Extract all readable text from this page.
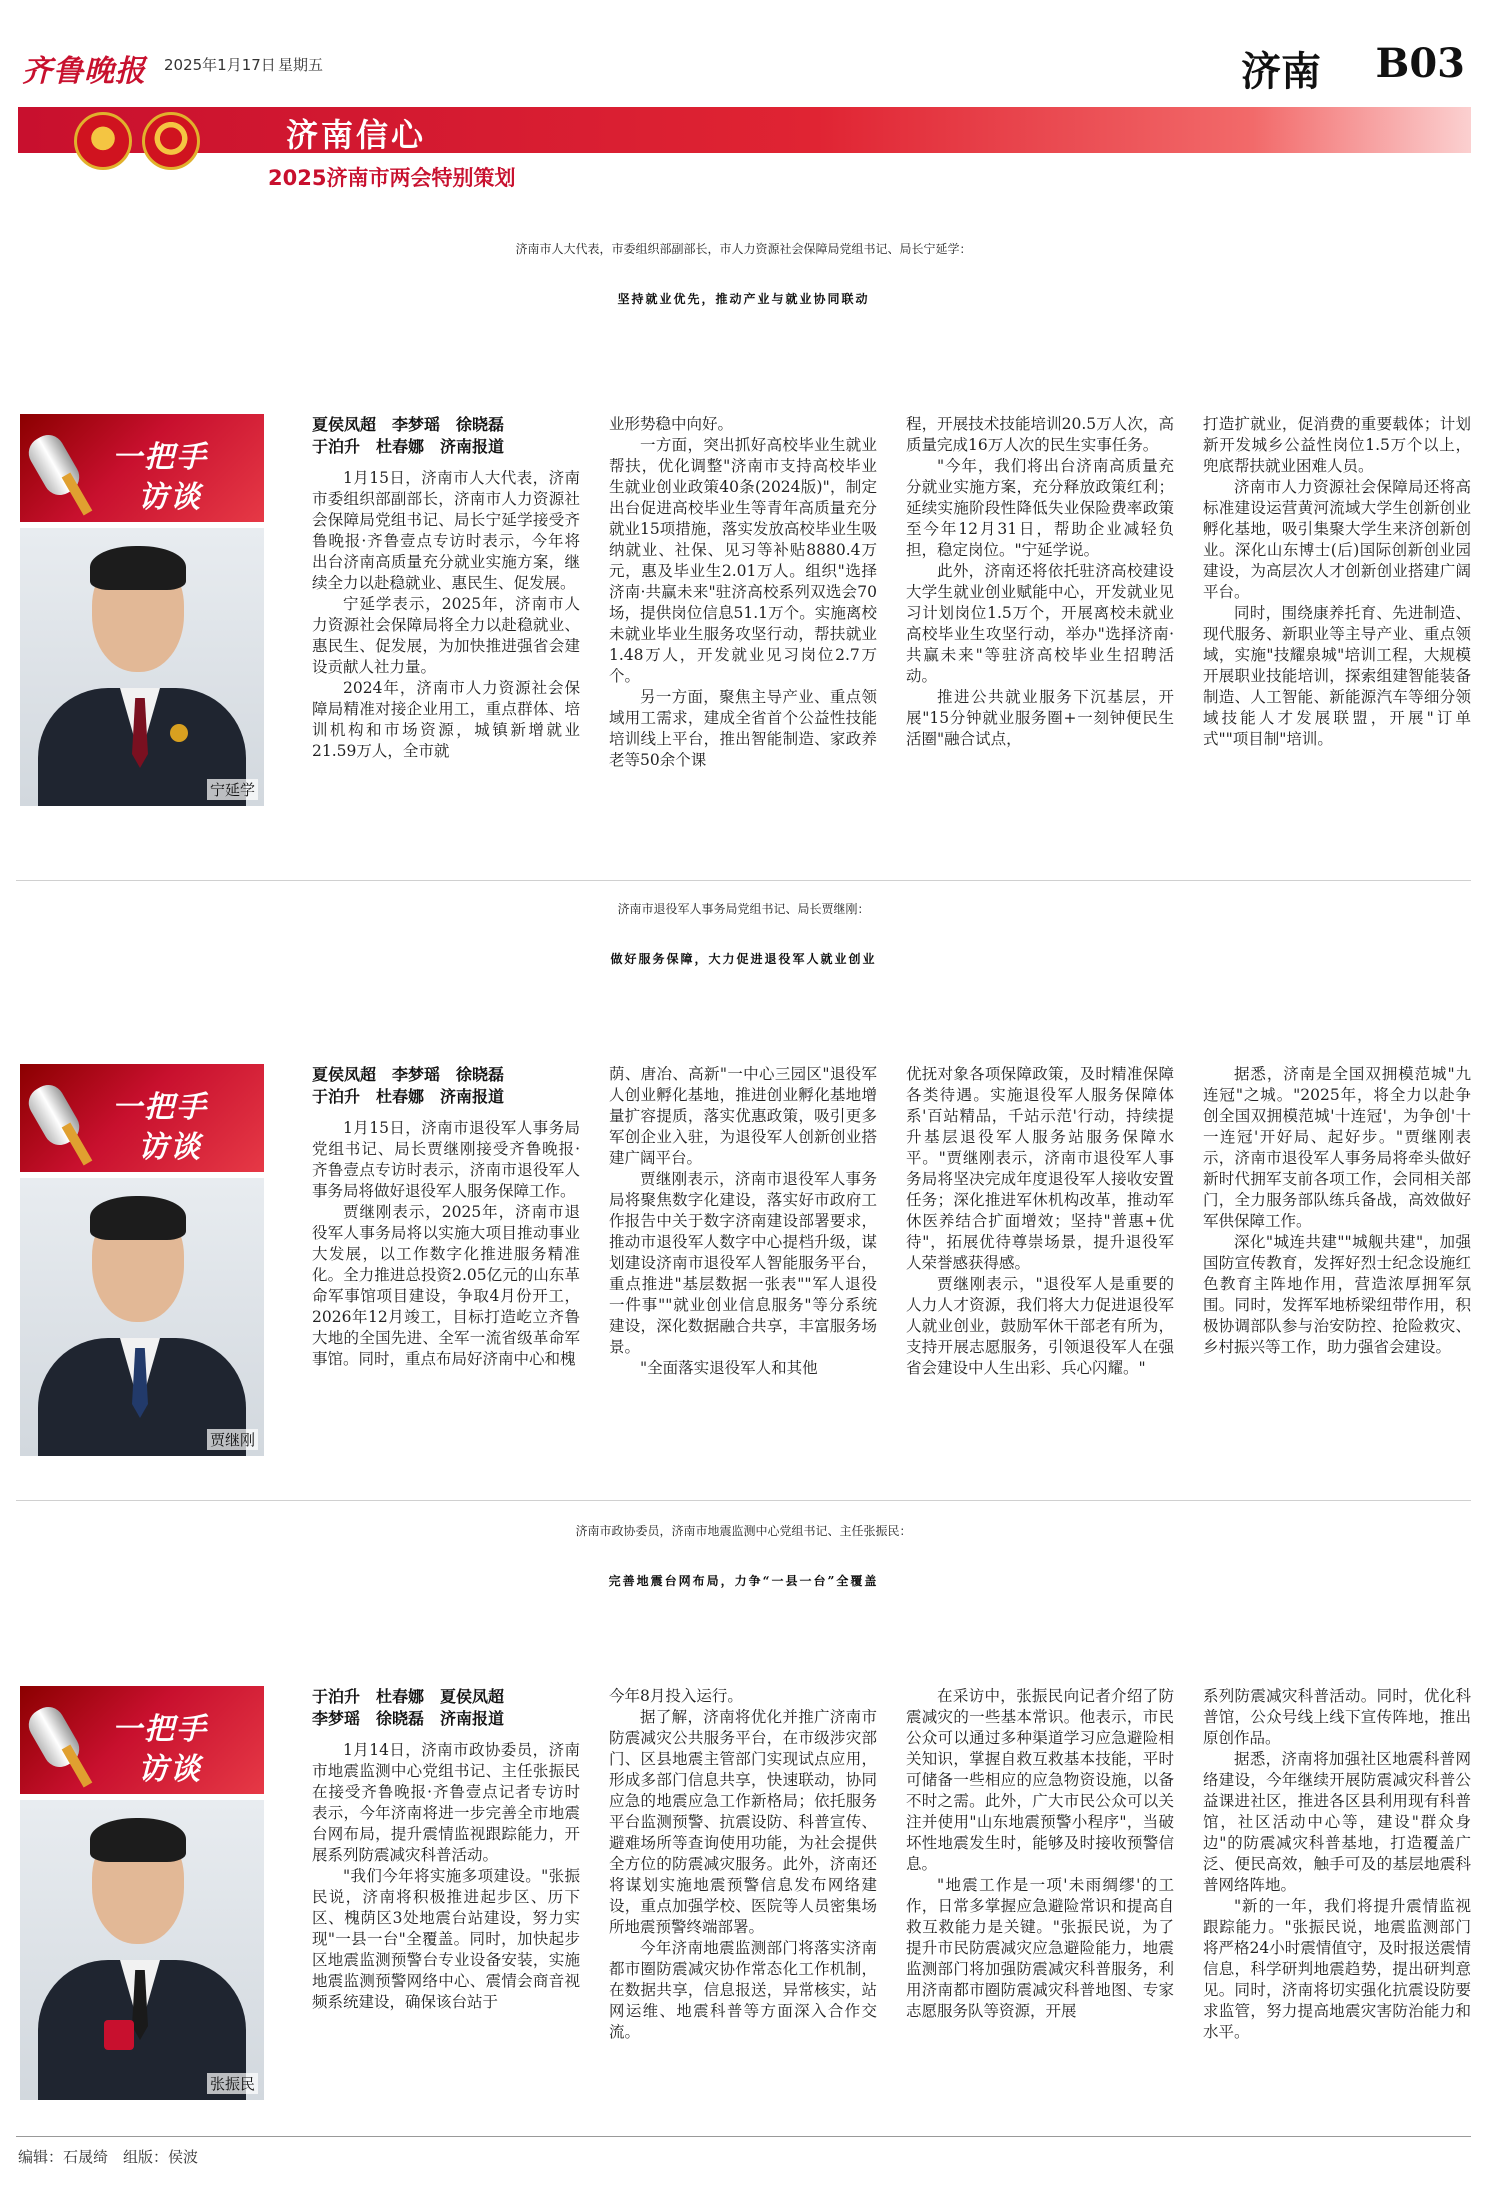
齐鲁晚报 2025年1月17日 星期五	济南 B03
济南信心
2025济南市两会特别策划
济南市人大代表，市委组织部副部长，市人力资源社会保障局党组书记、局长宁延学：
坚持就业优先，推动产业与就业协同联动
一把手
访谈
宁延学
夏侯凤超　李梦瑶　徐晓磊
于泊升　杜春娜　济南报道

1月15日，济南市人大代表，济南市委组织部副部长，济南市人力资源社会保障局党组书记、局长宁延学接受齐鲁晚报·齐鲁壹点专访时表示，今年将出台济南高质量充分就业实施方案，继续全力以赴稳就业、惠民生、促发展。

宁延学表示，2025年，济南市人力资源社会保障局将全力以赴稳就业、惠民生、促发展，为加快推进强省会建设贡献人社力量。

2024年，济南市人力资源社会保障局精准对接企业用工，重点群体、培训机构和市场资源，城镇新增就业21.59万人，全市就

业形势稳中向好。

一方面，突出抓好高校毕业生就业帮扶，优化调整"济南市支持高校毕业生就业创业政策40条(2024版)"，制定出台促进高校毕业生等青年高质量充分就业15项措施，落实发放高校毕业生吸纳就业、社保、见习等补贴8880.4万元，惠及毕业生2.01万人。组织"选择济南·共赢未来"驻济高校系列双选会70场，提供岗位信息51.1万个。实施离校未就业毕业生服务攻坚行动，帮扶就业1.48万人，开发就业见习岗位2.7万个。

另一方面，聚焦主导产业、重点领域用工需求，建成全省首个公益性技能培训线上平台，推出智能制造、家政养老等50余个课

程，开展技术技能培训20.5万人次，高质量完成16万人次的民生实事任务。

"今年，我们将出台济南高质量充分就业实施方案，充分释放政策红利；延续实施阶段性降低失业保险费率政策至今年12月31日，帮助企业减轻负担，稳定岗位。"宁延学说。

此外，济南还将依托驻济高校建设大学生就业创业赋能中心，开发就业见习计划岗位1.5万个，开展离校未就业高校毕业生攻坚行动，举办"选择济南·共赢未来"等驻济高校毕业生招聘活动。

推进公共就业服务下沉基层，开展"15分钟就业服务圈+一刻钟便民生活圈"融合试点，

打造扩就业，促消费的重要载体；计划新开发城乡公益性岗位1.5万个以上，兜底帮扶就业困难人员。

济南市人力资源社会保障局还将高标准建设运营黄河流域大学生创新创业孵化基地，吸引集聚大学生来济创新创业。深化山东博士(后)国际创新创业园建设，为高层次人才创新创业搭建广阔平台。

同时，围绕康养托育、先进制造、现代服务、新职业等主导产业、重点领域，实施"技耀泉城"培训工程，大规模开展职业技能培训，探索组建智能装备制造、人工智能、新能源汽车等细分领域技能人才发展联盟，开展"订单式""项目制"培训。

济南市退役军人事务局党组书记、局长贾继刚：
做好服务保障，大力促进退役军人就业创业
一把手
访谈
贾继刚
夏侯凤超　李梦瑶　徐晓磊
于泊升　杜春娜　济南报道

1月15日，济南市退役军人事务局党组书记、局长贾继刚接受齐鲁晚报·齐鲁壹点专访时表示，济南市退役军人事务局将做好退役军人服务保障工作。

贾继刚表示，2025年，济南市退役军人事务局将以实施大项目推动事业大发展，以工作数字化推进服务精准化。全力推进总投资2.05亿元的山东革命军事馆项目建设，争取4月份开工，2026年12月竣工，目标打造屹立齐鲁大地的全国先进、全军一流省级革命军事馆。同时，重点布局好济南中心和槐

荫、唐冶、高新"一中心三园区"退役军人创业孵化基地，推进创业孵化基地增量扩容提质，落实优惠政策，吸引更多军创企业入驻，为退役军人创新创业搭建广阔平台。

贾继刚表示，济南市退役军人事务局将聚焦数字化建设，落实好市政府工作报告中关于数字济南建设部署要求，推动市退役军人数字中心提档升级，谋划建设济南市退役军人智能服务平台，重点推进"基层数据一张表""军人退役一件事""就业创业信息服务"等分系统建设，深化数据融合共享，丰富服务场景。

"全面落实退役军人和其他

优抚对象各项保障政策，及时精准保障各类待遇。实施退役军人服务保障体系'百站精品，千站示范'行动，持续提升基层退役军人服务站服务保障水平。"贾继刚表示，济南市退役军人事务局将坚决完成年度退役军人接收安置任务；深化推进军休机构改革，推动军休医养结合扩面增效；坚持"普惠+优待"，拓展优待尊崇场景，提升退役军人荣誉感获得感。

贾继刚表示，"退役军人是重要的人力人才资源，我们将大力促进退役军人就业创业，鼓励军休干部老有所为，支持开展志愿服务，引领退役军人在强省会建设中人生出彩、兵心闪耀。"

据悉，济南是全国双拥模范城"九连冠"之城。"2025年，将全力以赴争创全国双拥模范城'十连冠'，为争创'十一连冠'开好局、起好步。"贾继刚表示，济南市退役军人事务局将牵头做好新时代拥军支前各项工作，会同相关部门，全力服务部队练兵备战，高效做好军供保障工作。

深化"城连共建""城舰共建"，加强国防宣传教育，发挥好烈士纪念设施红色教育主阵地作用，营造浓厚拥军氛围。同时，发挥军地桥梁纽带作用，积极协调部队参与治安防控、抢险救灾、乡村振兴等工作，助力强省会建设。

济南市政协委员，济南市地震监测中心党组书记、主任张振民：
完善地震台网布局，力争“一县一台”全覆盖
一把手
访谈
张振民
于泊升　杜春娜　夏侯凤超
李梦瑶　徐晓磊　济南报道

1月14日，济南市政协委员，济南市地震监测中心党组书记、主任张振民在接受齐鲁晚报·齐鲁壹点记者专访时表示，今年济南将进一步完善全市地震台网布局，提升震情监视跟踪能力，开展系列防震减灾科普活动。

"我们今年将实施多项建设。"张振民说，济南将积极推进起步区、历下区、槐荫区3处地震台站建设，努力实现"一县一台"全覆盖。同时，加快起步区地震监测预警台专业设备安装，实施地震监测预警网络中心、震情会商音视频系统建设，确保该台站于

今年8月投入运行。

据了解，济南将优化并推广济南市防震减灾公共服务平台，在市级涉灾部门、区县地震主管部门实现试点应用，形成多部门信息共享，快速联动，协同应急的地震应急工作新格局；依托服务平台监测预警、抗震设防、科普宣传、避难场所等查询使用功能，为社会提供全方位的防震减灾服务。此外，济南还将谋划实施地震预警信息发布网络建设，重点加强学校、医院等人员密集场所地震预警终端部署。

今年济南地震监测部门将落实济南都市圈防震减灾协作常态化工作机制，在数据共享，信息报送，异常核实，站网运维、地震科普等方面深入合作交流。

在采访中，张振民向记者介绍了防震减灾的一些基本常识。他表示，市民公众可以通过多种渠道学习应急避险相关知识，掌握自救互救基本技能，平时可储备一些相应的应急物资设施，以备不时之需。此外，广大市民公众可以关注并使用"山东地震预警小程序"，当破坏性地震发生时，能够及时接收预警信息。

"地震工作是一项'未雨绸缪'的工作，日常多掌握应急避险常识和提高自救互救能力是关键。"张振民说，为了提升市民防震减灾应急避险能力，地震监测部门将加强防震减灾科普服务，利用济南都市圈防震减灾科普地图、专家志愿服务队等资源，开展

系列防震减灾科普活动。同时，优化科普馆，公众号线上线下宣传阵地，推出原创作品。

据悉，济南将加强社区地震科普网络建设，今年继续开展防震减灾科普公益课进社区，推进各区县利用现有科普馆，社区活动中心等，建设"群众身边"的防震减灾科普基地，打造覆盖广泛、便民高效，触手可及的基层地震科普网络阵地。

"新的一年，我们将提升震情监视跟踪能力。"张振民说，地震监测部门将严格24小时震情值守，及时报送震情信息，科学研判地震趋势，提出研判意见。同时，济南将切实强化抗震设防要求监管，努力提高地震灾害防治能力和水平。

编辑：石晟绮　组版：侯波
